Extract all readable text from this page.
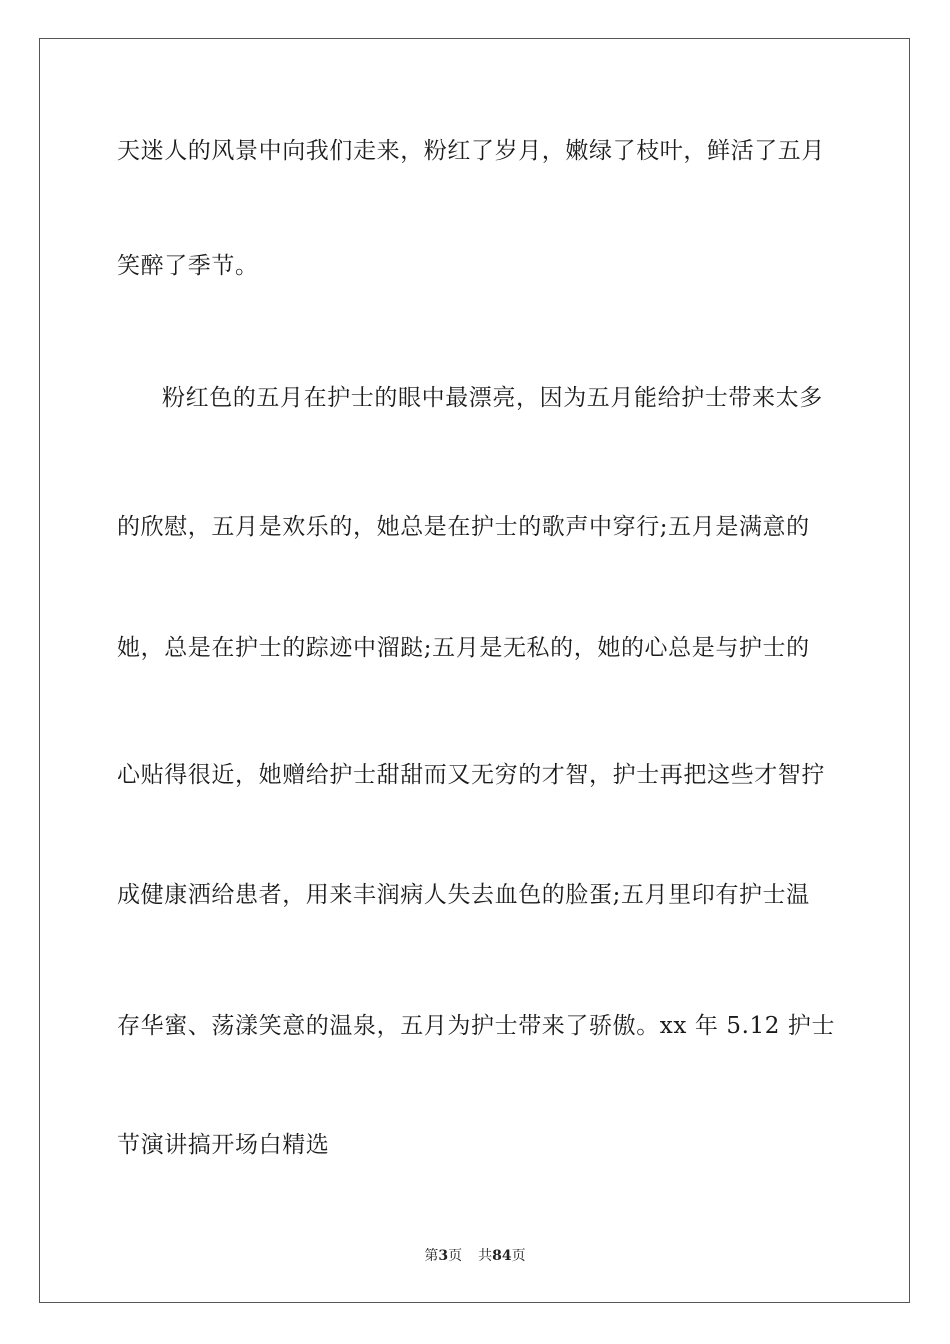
天迷人的风景中向我们走来，粉红了岁月，嫩绿了枝叶，鲜活了五月
笑醉了季节。
粉红色的五月在护士的眼中最漂亮，因为五月能给护士带来太多
的欣慰，五月是欢乐的，她总是在护士的歌声中穿行;五月是满意的
她，总是在护士的踪迹中溜跶;五月是无私的，她的心总是与护士的
心贴得很近，她赠给护士甜甜而又无穷的才智，护士再把这些才智拧
成健康洒给患者，用来丰润病人失去血色的脸蛋;五月里印有护士温
存华蜜、荡漾笑意的温泉，五月为护士带来了骄傲。xx 年 5.12 护士
节演讲搞开场白精选
第3页 共84页
